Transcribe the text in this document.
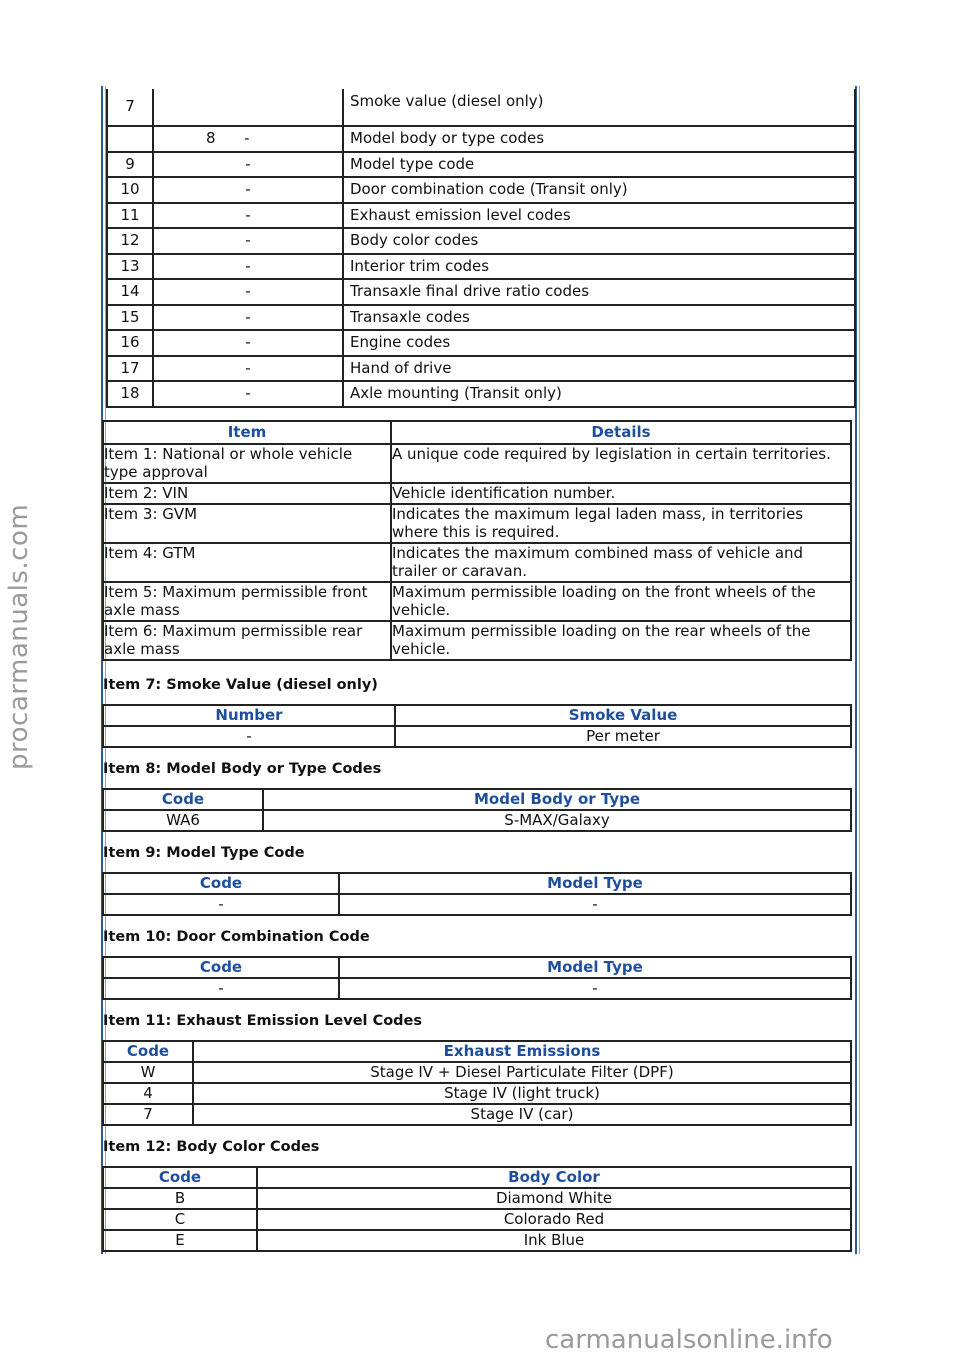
7		Smoke value (diesel only)
	8      -	Model body or type codes
9	-	Model type code
10	-	Door combination code (Transit only)
11	-	Exhaust emission level codes
12	-	Body color codes
13	-	Interior trim codes
14	-	Transaxle final drive ratio codes
15	-	Transaxle codes
16	-	Engine codes
17	-	Hand of drive
18	-	Axle mounting (Transit only)
Item	Details
Item 1: National or whole vehicle type approval	A unique code required by legislation in certain territories.
Item 2: VIN	Vehicle identification number.
Item 3: GVM	Indicates the maximum legal laden mass, in territories where this is required.
Item 4: GTM	Indicates the maximum combined mass of vehicle and trailer or caravan.
Item 5: Maximum permissible front axle mass	Maximum permissible loading on the front wheels of the vehicle.
Item 6: Maximum permissible rear axle mass	Maximum permissible loading on the rear wheels of the vehicle.
Item 7: Smoke Value (diesel only)
Number	Smoke Value
-	Per meter
Item 8: Model Body or Type Codes
Code	Model Body or Type
WA6	S-MAX/Galaxy
Item 9: Model Type Code
Code	Model Type
-	-
Item 10: Door Combination Code
Code	Model Type
-	-
Item 11: Exhaust Emission Level Codes
Code	Exhaust Emissions
W	Stage IV + Diesel Particulate Filter (DPF)
4	Stage IV (light truck)
7	Stage IV (car)
Item 12: Body Color Codes
Code	Body Color
B	Diamond White
C	Colorado Red
E	Ink Blue
procarmanuals.com
carmanualsonline.info
